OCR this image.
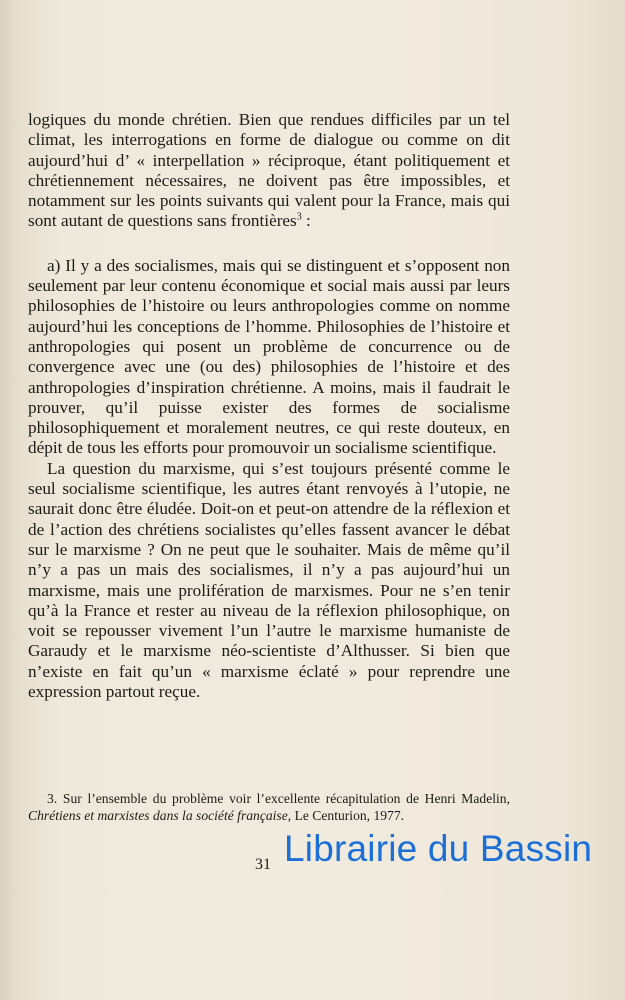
logiques du monde chrétien. Bien que rendues difficiles par un tel climat, les interrogations en forme de dialogue ou comme on dit aujourd’hui d’ « interpellation » réciproque, étant politiquement et chrétiennement nécessaires, ne doivent pas être impossibles, et notamment sur les points suivants qui valent pour la France, mais qui sont autant de questions sans frontières$^3$ :

a) Il y a des socialismes, mais qui se distinguent et s’opposent non seulement par leur contenu économique et social mais aussi par leurs philosophies de l’histoire ou leurs anthropologies comme on nomme aujourd’hui les conceptions de l’homme. Philosophies de l’histoire et anthropologies qui posent un problème de concurrence ou de convergence avec une (ou des) philosophies de l’histoire et des anthropologies d’inspiration chrétienne. A moins, mais il faudrait le prouver, qu’il puisse exister des formes de socialisme philosophiquement et moralement neutres, ce qui reste douteux, en dépit de tous les efforts pour promouvoir un socialisme scientifique.

La question du marxisme, qui s’est toujours présenté comme le seul socialisme scientifique, les autres étant renvoyés à l’utopie, ne saurait donc être éludée. Doit-on et peut-on attendre de la réflexion et de l’action des chrétiens socialistes qu’elles fassent avancer le débat sur le marxisme ? On ne peut que le souhaiter. Mais de même qu’il n’y a pas un mais des socialismes, il n’y a pas aujourd’hui un marxisme, mais une prolifération de marxismes. Pour ne s’en tenir qu’à la France et rester au niveau de la réflexion philosophique, on voit se repousser vivement l’un l’autre le marxisme humaniste de Garaudy et le marxisme néo-scientiste d’Althusser. Si bien que n’existe en fait qu’un « marxisme éclaté » pour reprendre une expression partout reçue.

3. Sur l’ensemble du problème voir l’excellente récapitulation de Henri Madelin, Chrétiens et marxistes dans la société française, Le Centurion, 1977.

31 Librairie du Bassin
